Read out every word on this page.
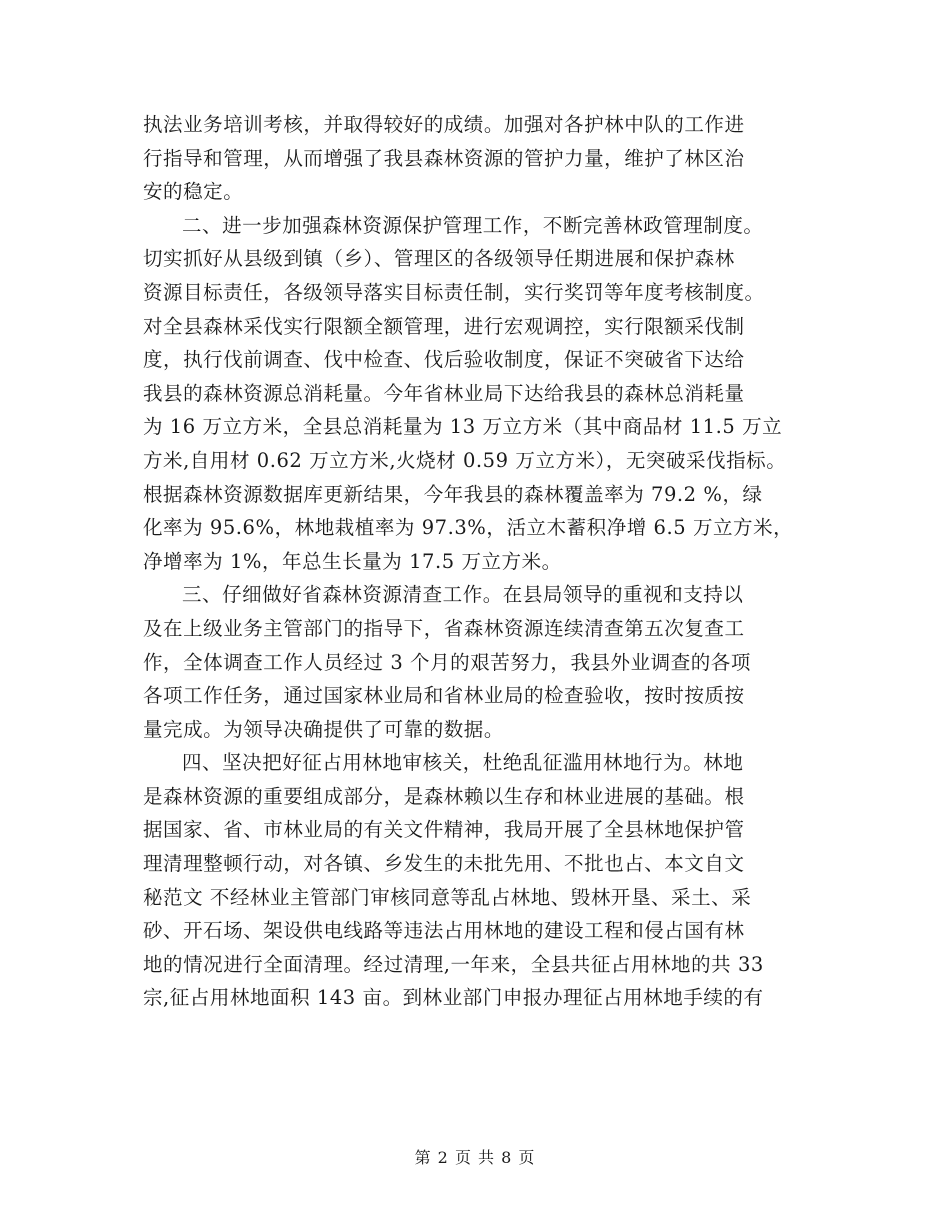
执法业务培训考核，并取得较好的成绩。加强对各护林中队的工作进
行指导和管理，从而增强了我县森林资源的管护力量，维护了林区治
安的稳定。
二、进一步加强森林资源保护管理工作，不断完善林政管理制度。
切实抓好从县级到镇（乡）、管理区的各级领导任期进展和保护森林
资源目标责任，各级领导落实目标责任制，实行奖罚等年度考核制度。
对全县森林采伐实行限额全额管理，进行宏观调控，实行限额采伐制
度，执行伐前调查、伐中检查、伐后验收制度，保证不突破省下达给
我县的森林资源总消耗量。今年省林业局下达给我县的森林总消耗量
为 16 万立方米，全县总消耗量为 13 万立方米（其中商品材 11.5 万立
方米,自用材 0.62 万立方米,火烧材 0.59 万立方米），无突破采伐指标。
根据森林资源数据库更新结果，今年我县的森林覆盖率为 79.2 %，绿
化率为 95.6%，林地栽植率为 97.3%，活立木蓄积净增 6.5 万立方米，
净增率为 1%，年总生长量为 17.5 万立方米。
三、仔细做好省森林资源清查工作。在县局领导的重视和支持以
及在上级业务主管部门的指导下，省森林资源连续清查第五次复查工
作，全体调查工作人员经过 3 个月的艰苦努力，我县外业调查的各项
各项工作任务，通过国家林业局和省林业局的检查验收，按时按质按
量完成。为领导决确提供了可靠的数据。
四、坚决把好征占用林地审核关，杜绝乱征滥用林地行为。林地
是森林资源的重要组成部分，是森林赖以生存和林业进展的基础。根
据国家、省、市林业局的有关文件精神，我局开展了全县林地保护管
理清理整顿行动，对各镇、乡发生的未批先用、不批也占、本文自文
秘范文 不经林业主管部门审核同意等乱占林地、毁林开垦、采土、采
砂、开石场、架设供电线路等违法占用林地的建设工程和侵占国有林
地的情况进行全面清理。经过清理,一年来，全县共征占用林地的共 33
宗,征占用林地面积 143 亩。到林业部门申报办理征占用林地手续的有
第 2 页 共 8 页
